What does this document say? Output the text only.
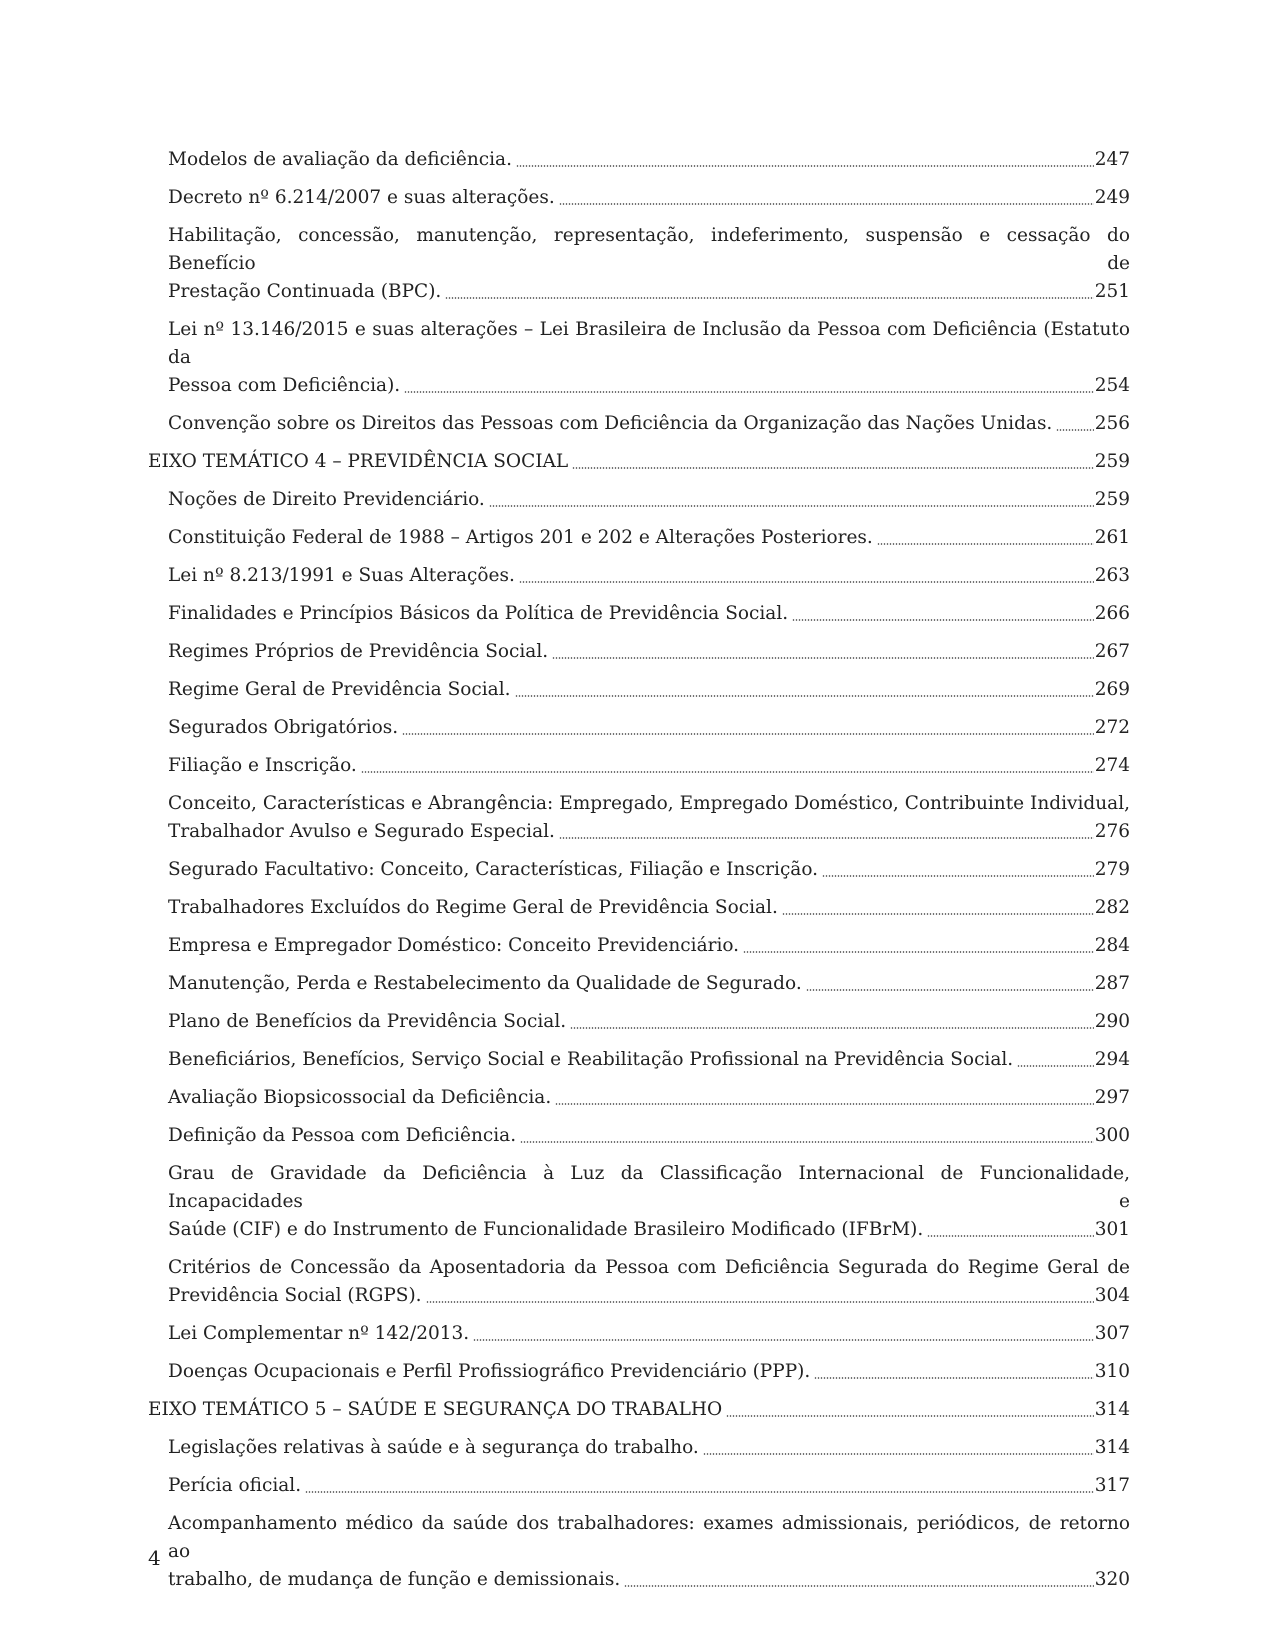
Modelos de avaliação da deficiência.	247
Decreto nº 6.214/2007 e suas alterações.	249
Habilitação, concessão, manutenção, representação, indeferimento, suspensão e cessação do Benefício de
Prestação Continuada (BPC).	251
Lei nº 13.146/2015 e suas alterações – Lei Brasileira de Inclusão da Pessoa com Deficiência (Estatuto da
Pessoa com Deficiência).	254
Convenção sobre os Direitos das Pessoas com Deficiência da Organização das Nações Unidas. 256
EIXO TEMÁTICO 4 – PREVIDÊNCIA SOCIAL	259
Noções de Direito Previdenciário.	259
Constituição Federal de 1988 – Artigos 201 e 202 e Alterações Posteriores.	261
Lei nº 8.213/1991 e Suas Alterações.	263
Finalidades e Princípios Básicos da Política de Previdência Social.	266
Regimes Próprios de Previdência Social.	267
Regime Geral de Previdência Social.	269
Segurados Obrigatórios.	272
Filiação e Inscrição.	274
Conceito, Características e Abrangência: Empregado, Empregado Doméstico, Contribuinte Individual,
Trabalhador Avulso e Segurado Especial.	276
Segurado Facultativo: Conceito, Características, Filiação e Inscrição.	279
Trabalhadores Excluídos do Regime Geral de Previdência Social.	282
Empresa e Empregador Doméstico: Conceito Previdenciário.	284
Manutenção, Perda e Restabelecimento da Qualidade de Segurado.	287
Plano de Benefícios da Previdência Social.	290
Beneficiários, Benefícios, Serviço Social e Reabilitação Profissional na Previdência Social.	294
Avaliação Biopsicossocial da Deficiência.	297
Definição da Pessoa com Deficiência.	300
Grau de Gravidade da Deficiência à Luz da Classificação Internacional de Funcionalidade, Incapacidades e
Saúde (CIF) e do Instrumento de Funcionalidade Brasileiro Modificado (IFBrM).	301
Critérios de Concessão da Aposentadoria da Pessoa com Deficiência Segurada do Regime Geral de
Previdência Social (RGPS).	304
Lei Complementar nº 142/2013.	307
Doenças Ocupacionais e Perfil Profissiográfico Previdenciário (PPP).	310
EIXO TEMÁTICO 5 – SAÚDE E SEGURANÇA DO TRABALHO	314
Legislações relativas à saúde e à segurança do trabalho.	314
Perícia oficial.	317
Acompanhamento médico da saúde dos trabalhadores: exames admissionais, periódicos, de retorno ao
trabalho, de mudança de função e demissionais.	320
4
